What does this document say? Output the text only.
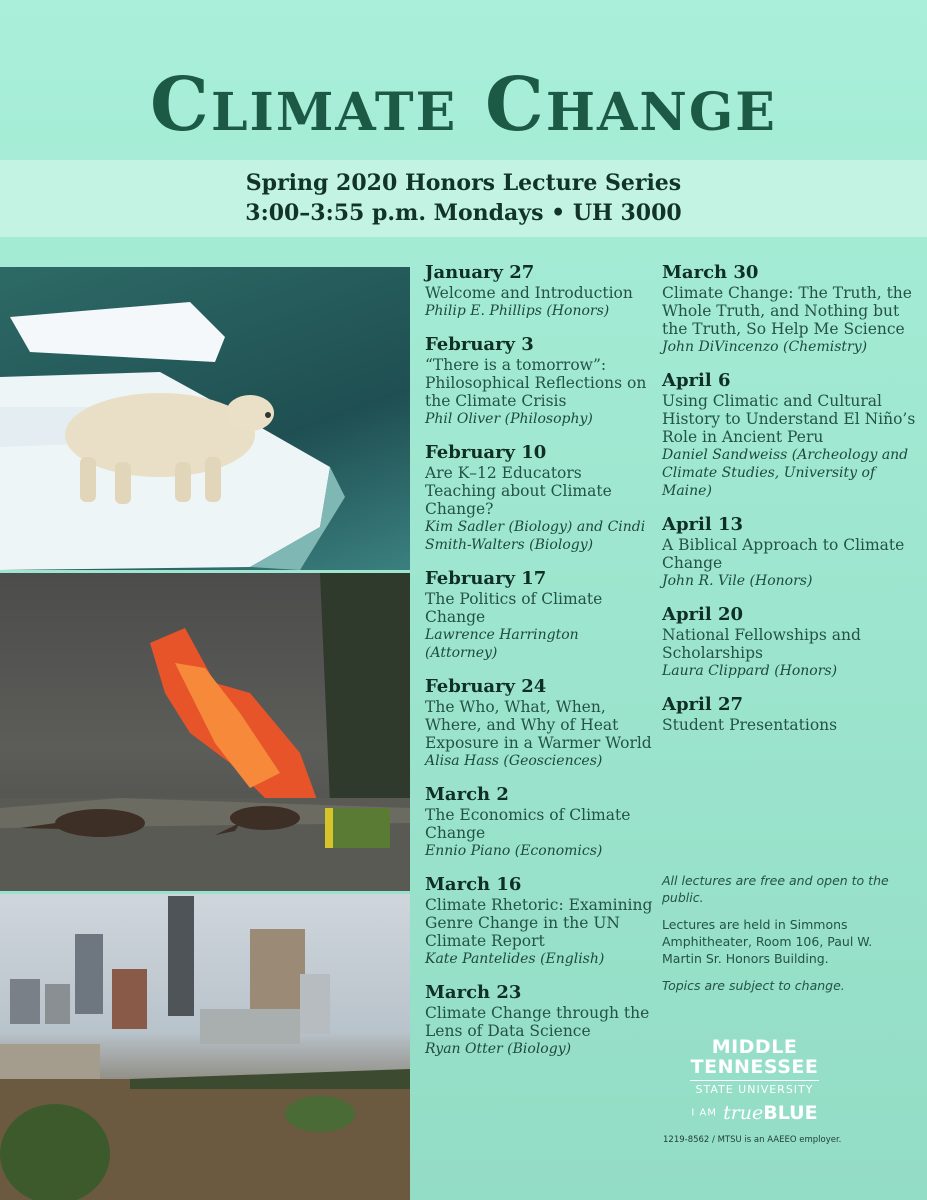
Climate Change
Spring 2020 Honors Lecture Series
3:00–3:55 p.m. Mondays • UH 3000
January 27
Welcome and Introduction
Philip E. Phillips (Honors)
February 3
“There is a tomorrow”: Philosophical Reflections on the Climate Crisis
Phil Oliver (Philosophy)
February 10
Are K–12 Educators Teaching about Climate Change?
Kim Sadler (Biology) and Cindi Smith-Walters (Biology)
February 17
The Politics of Climate Change
Lawrence Harrington (Attorney)
February 24
The Who, What, When, Where, and Why of Heat Exposure in a Warmer World
Alisa Hass (Geosciences)
March 2
The Economics of Climate Change
Ennio Piano (Economics)
March 16
Climate Rhetoric: Examining Genre Change in the UN Climate Report
Kate Pantelides (English)
March 23
Climate Change through the Lens of Data Science
Ryan Otter (Biology)
March 30
Climate Change: The Truth, the Whole Truth, and Nothing but the Truth, So Help Me Science
John DiVincenzo (Chemistry)
April 6
Using Climatic and Cultural History to Understand El Niño’s Role in Ancient Peru
Daniel Sandweiss (Archeology and Climate Studies, University of Maine)
April 13
A Biblical Approach to Climate Change
John R. Vile (Honors)
April 20
National Fellowships and Scholarships
Laura Clippard (Honors)
April 27
Student Presentations

All lectures are free and open to the public.

Lectures are held in Simmons Amphitheater, Room 106, Paul W. Martin Sr. Honors Building.

Topics are subject to change.

MIDDLE
TENNESSEE
STATE UNIVERSITY
I AM trueBLUE
1219-8562 / MTSU is an AAEEO employer.
